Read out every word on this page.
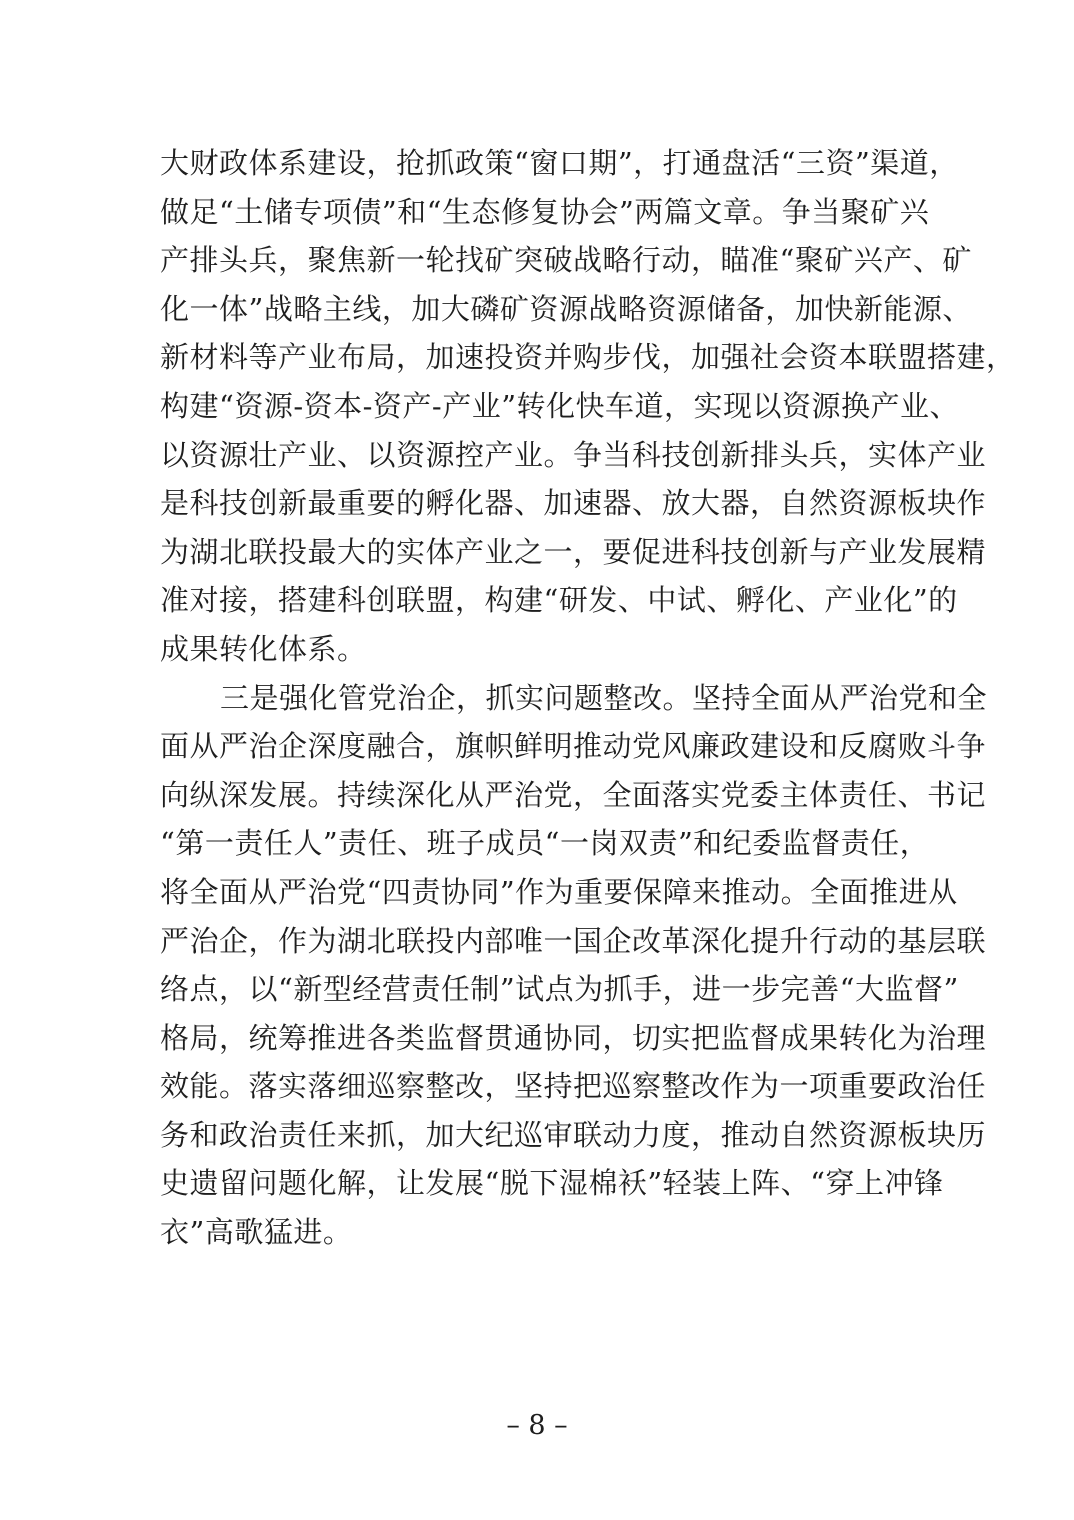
大财政体系建设，抢抓政策“窗口期”，打通盘活“三资”渠道，
做足“土储专项债”和“生态修复协会”两篇文章。争当聚矿兴
产排头兵，聚焦新一轮找矿突破战略行动，瞄准“聚矿兴产、矿
化一体”战略主线，加大磷矿资源战略资源储备，加快新能源、
新材料等产业布局，加速投资并购步伐，加强社会资本联盟搭建，
构建“资源-资本-资产-产业”转化快车道，实现以资源换产业、
以资源壮产业、以资源控产业。争当科技创新排头兵，实体产业
是科技创新最重要的孵化器、加速器、放大器，自然资源板块作
为湖北联投最大的实体产业之一，要促进科技创新与产业发展精
准对接，搭建科创联盟，构建“研发、中试、孵化、产业化”的
成果转化体系。
三是强化管党治企，抓实问题整改。坚持全面从严治党和全
面从严治企深度融合，旗帜鲜明推动党风廉政建设和反腐败斗争
向纵深发展。持续深化从严治党，全面落实党委主体责任、书记
“第一责任人”责任、班子成员“一岗双责”和纪委监督责任，
将全面从严治党“四责协同”作为重要保障来推动。全面推进从
严治企，作为湖北联投内部唯一国企改革深化提升行动的基层联
络点，以“新型经营责任制”试点为抓手，进一步完善“大监督”
格局，统筹推进各类监督贯通协同，切实把监督成果转化为治理
效能。落实落细巡察整改，坚持把巡察整改作为一项重要政治任
务和政治责任来抓，加大纪巡审联动力度，推动自然资源板块历
史遗留问题化解，让发展“脱下湿棉袄”轻装上阵、“穿上冲锋
衣”高歌猛进。
– 8 –
